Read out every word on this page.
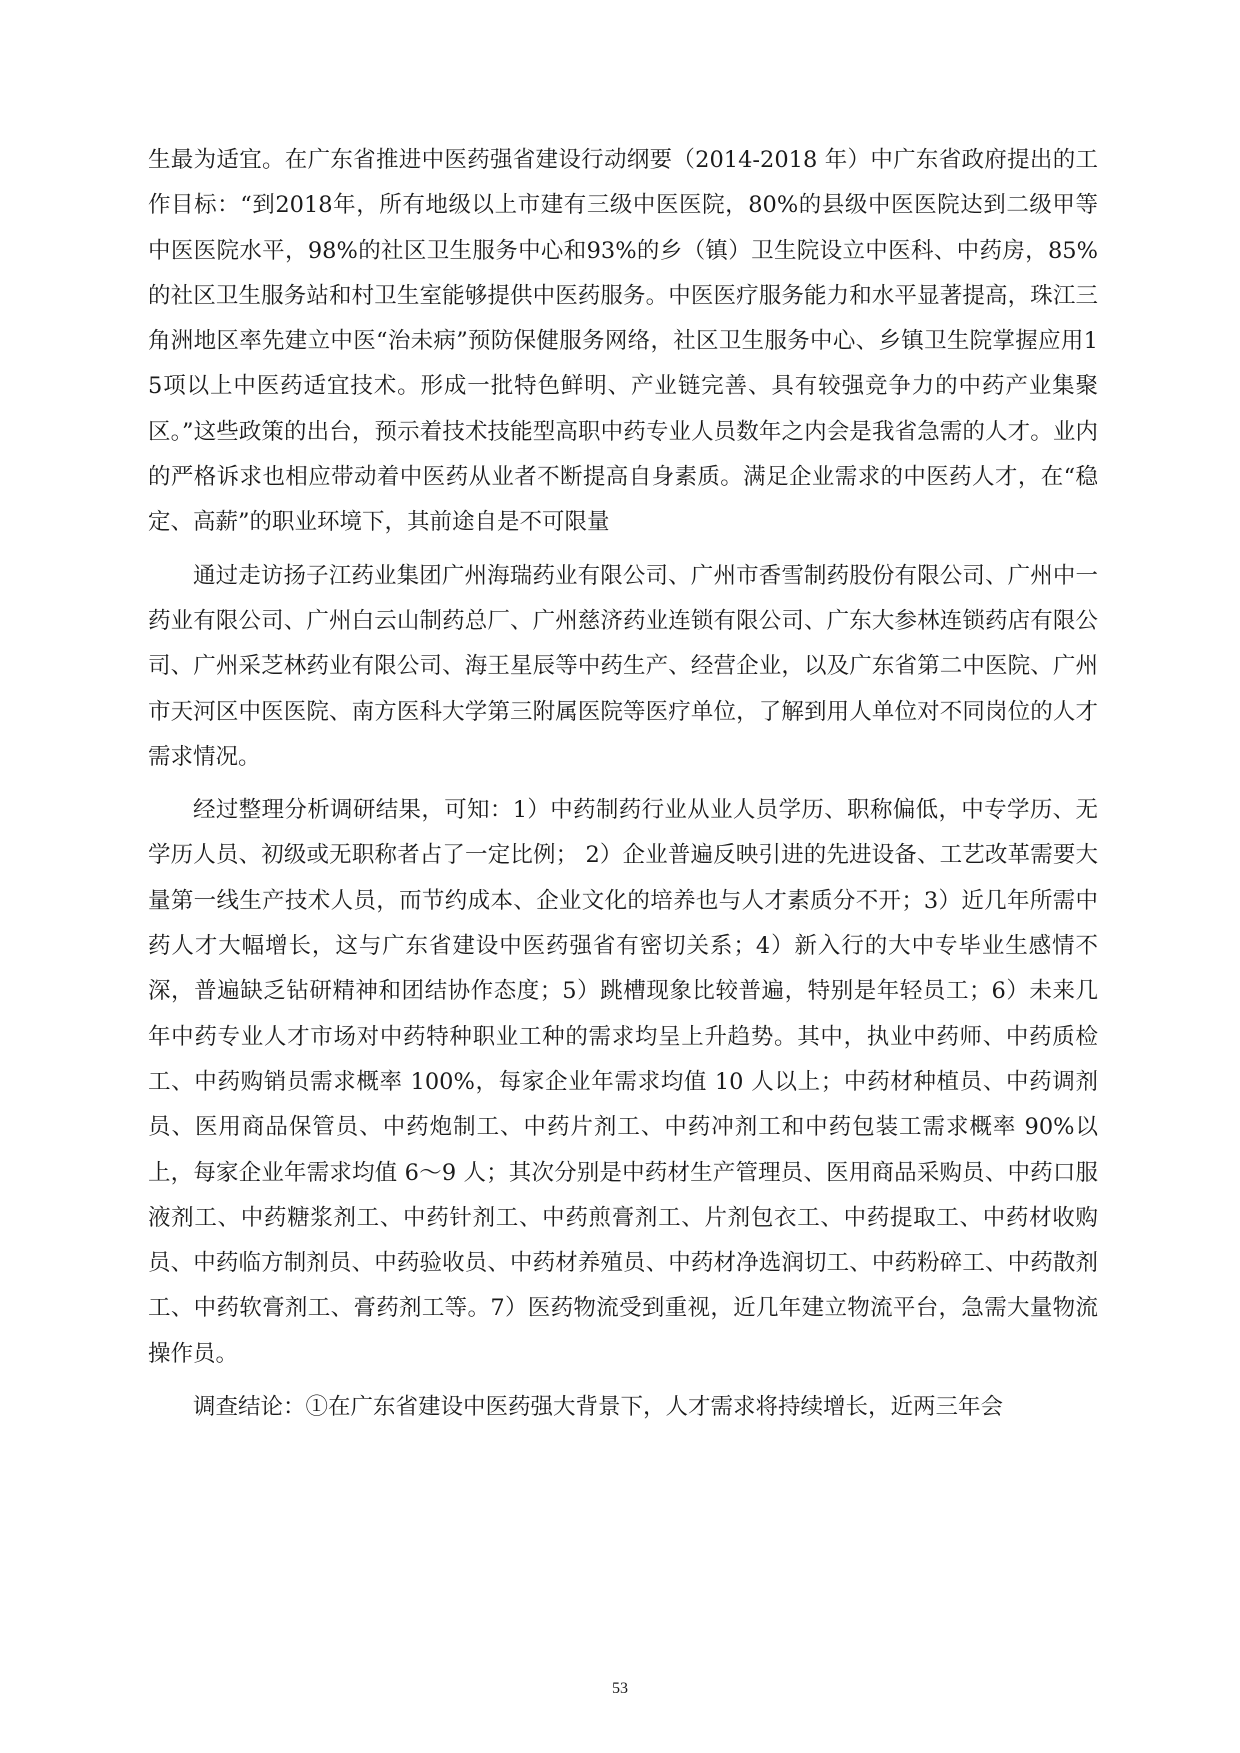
生最为适宜。在广东省推进中医药强省建设行动纲要（2014-2018 年）中广东省政府提出的工作目标：“到2018年，所有地级以上市建有三级中医医院，80%的县级中医医院达到二级甲等中医医院水平，98%的社区卫生服务中心和93%的乡（镇）卫生院设立中医科、中药房，85%的社区卫生服务站和村卫生室能够提供中医药服务。中医医疗服务能力和水平显著提高，珠江三角洲地区率先建立中医“治未病”预防保健服务网络，社区卫生服务中心、乡镇卫生院掌握应用15项以上中医药适宜技术。形成一批特色鲜明、产业链完善、具有较强竞争力的中药产业集聚区。”这些政策的出台，预示着技术技能型高职中药专业人员数年之内会是我省急需的人才。业内的严格诉求也相应带动着中医药从业者不断提高自身素质。满足企业需求的中医药人才，在“稳定、高薪”的职业环境下，其前途自是不可限量

通过走访扬子江药业集团广州海瑞药业有限公司、广州市香雪制药股份有限公司、广州中一药业有限公司、广州白云山制药总厂、广州慈济药业连锁有限公司、广东大参林连锁药店有限公司、广州采芝林药业有限公司、海王星辰等中药生产、经营企业，以及广东省第二中医院、广州市天河区中医医院、南方医科大学第三附属医院等医疗单位，了解到用人单位对不同岗位的人才需求情况。

经过整理分析调研结果，可知：1）中药制药行业从业人员学历、职称偏低，中专学历、无学历人员、初级或无职称者占了一定比例； 2）企业普遍反映引进的先进设备、工艺改革需要大量第一线生产技术人员，而节约成本、企业文化的培养也与人才素质分不开；3）近几年所需中药人才大幅增长，这与广东省建设中医药强省有密切关系；4）新入行的大中专毕业生感情不深，普遍缺乏钻研精神和团结协作态度；5）跳槽现象比较普遍，特别是年轻员工；6）未来几年中药专业人才市场对中药特种职业工种的需求均呈上升趋势。其中，执业中药师、中药质检工、中药购销员需求概率 100%，每家企业年需求均值 10 人以上；中药材种植员、中药调剂员、医用商品保管员、中药炮制工、中药片剂工、中药冲剂工和中药包装工需求概率 90%以上，每家企业年需求均值 6～9 人；其次分别是中药材生产管理员、医用商品采购员、中药口服液剂工、中药糖浆剂工、中药针剂工、中药煎膏剂工、片剂包衣工、中药提取工、中药材收购员、中药临方制剂员、中药验收员、中药材养殖员、中药材净选润切工、中药粉碎工、中药散剂工、中药软膏剂工、膏药剂工等。7）医药物流受到重视，近几年建立物流平台，急需大量物流操作员。

调查结论：①在广东省建设中医药强大背景下，人才需求将持续增长，近两三年会

53
